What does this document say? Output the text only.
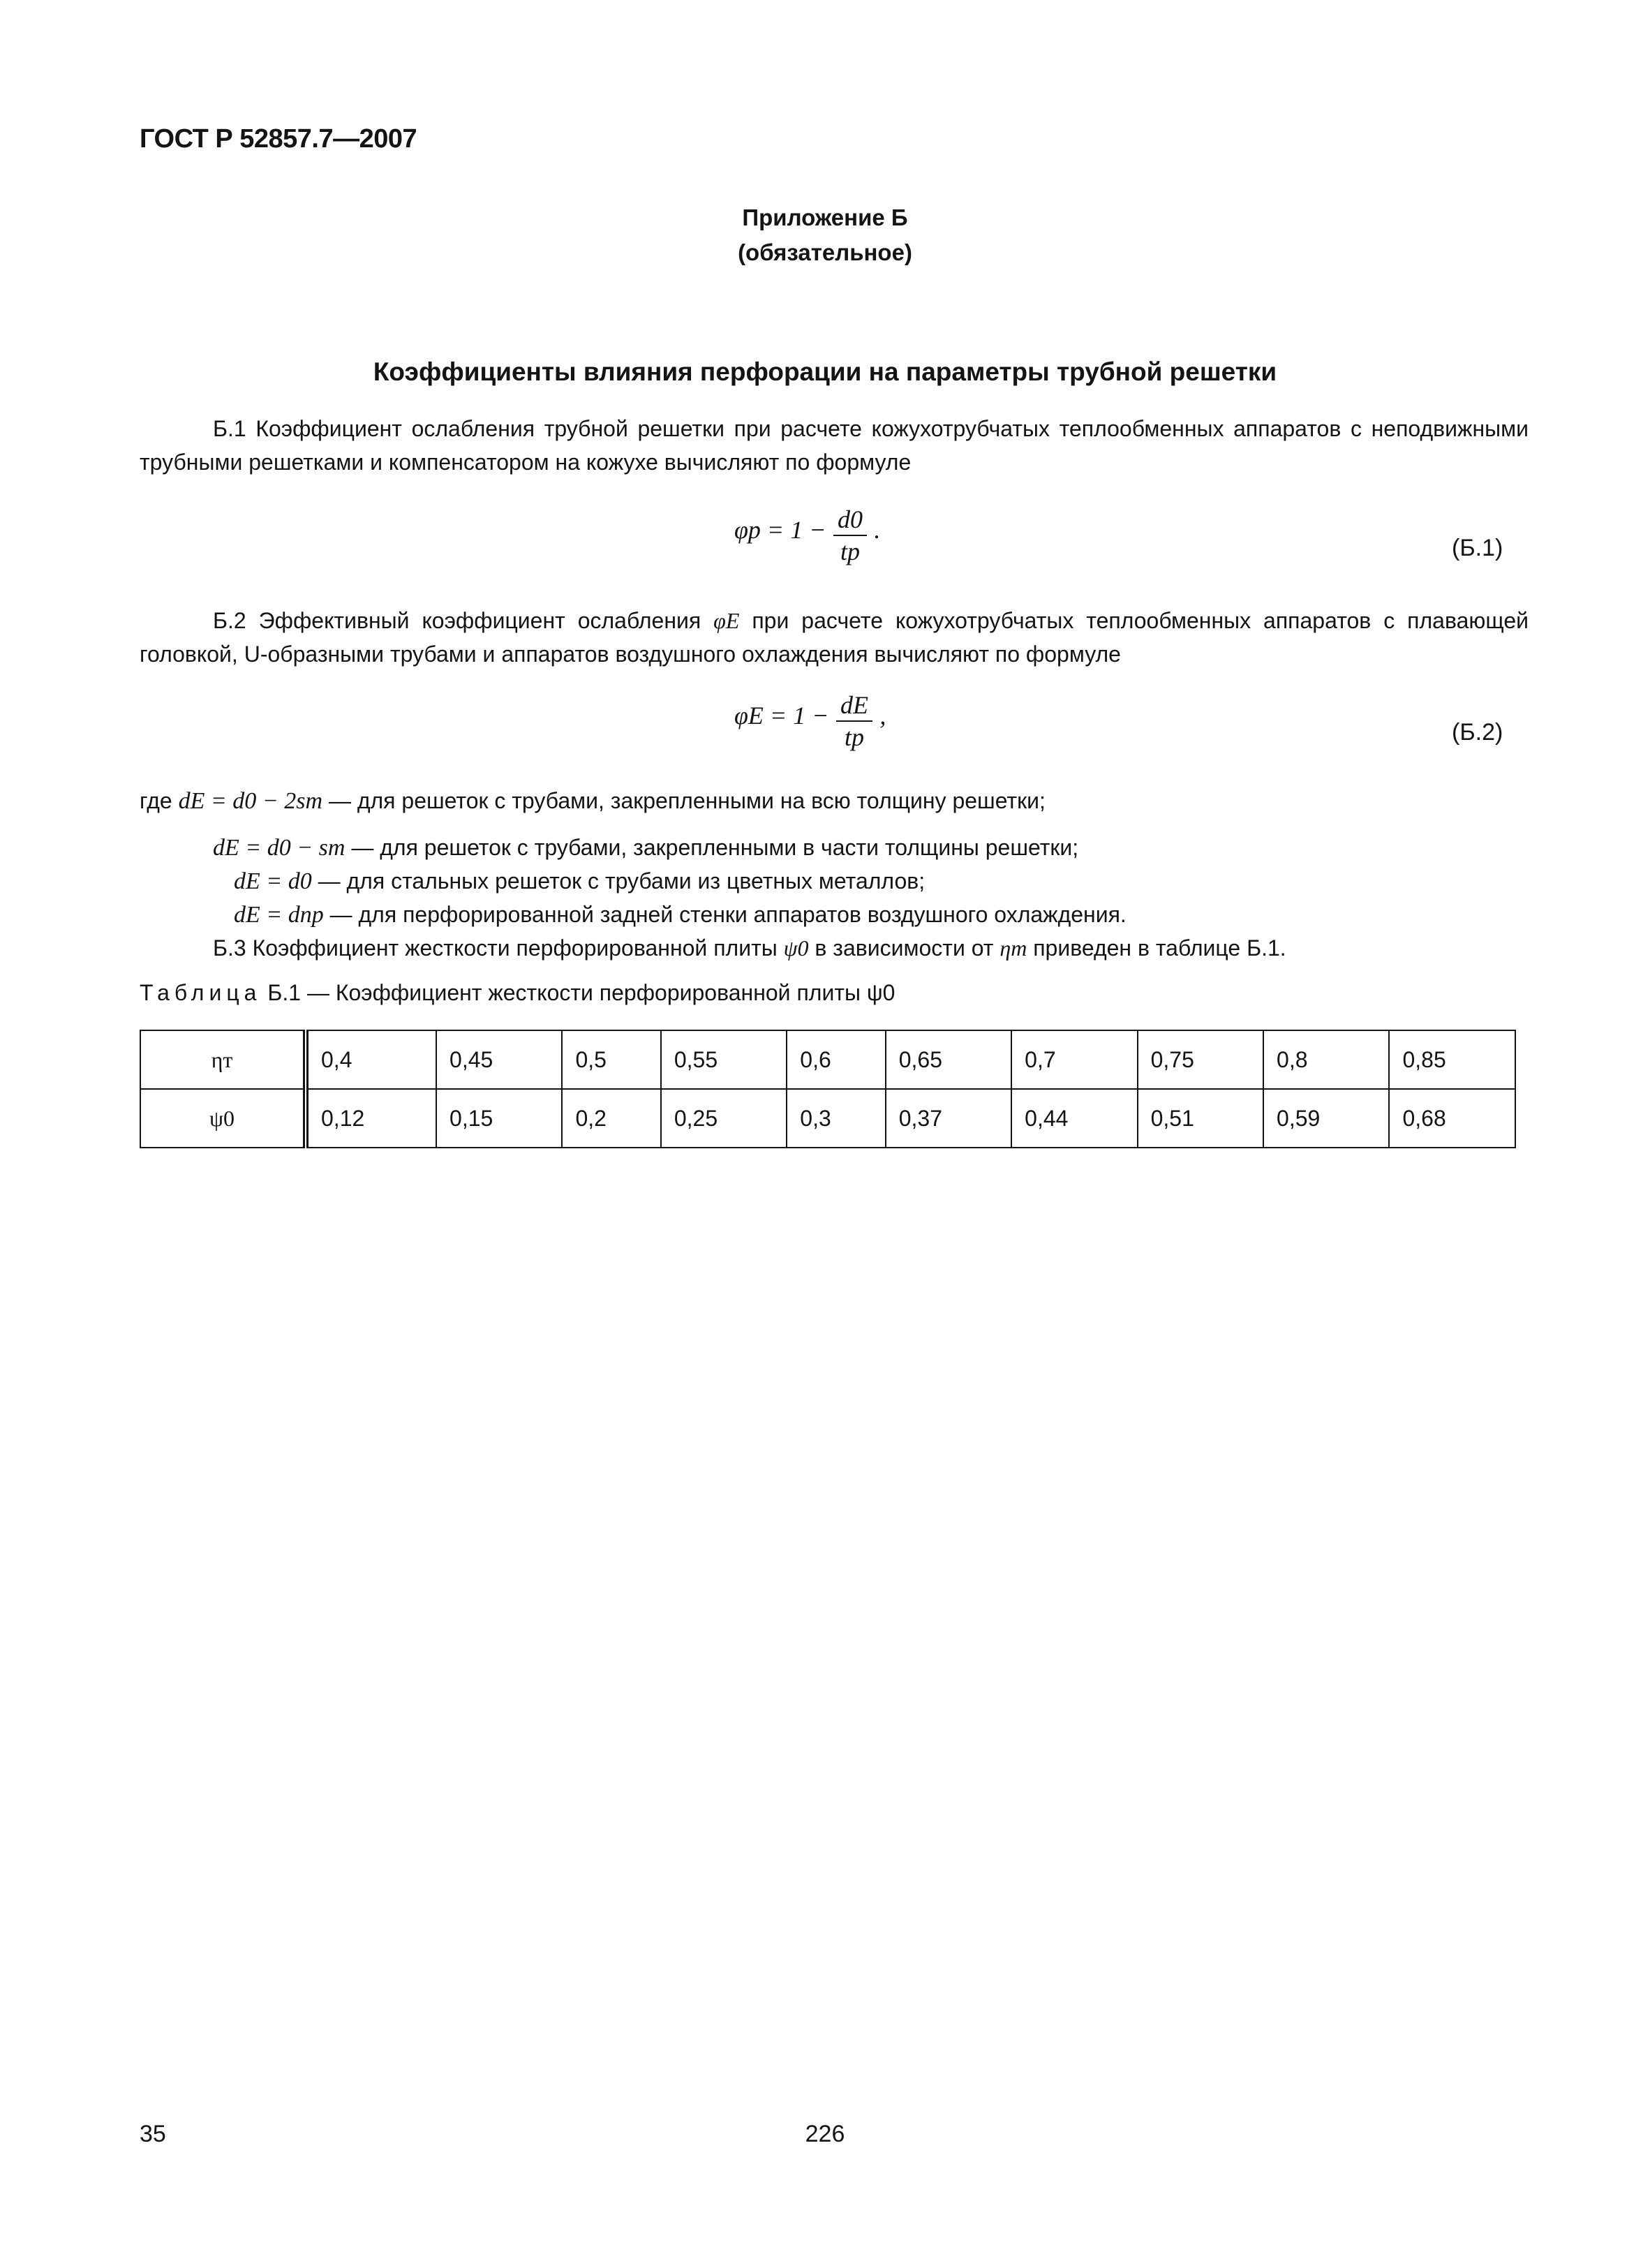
ГОСТ Р 52857.7—2007
Приложение Б
(обязательное)
Коэффициенты влияния перфорации на параметры трубной решетки
Б.1 Коэффициент ослабления трубной решетки при расчете кожухотрубчатых теплообменных аппаратов с неподвижными трубными решетками и компенсатором на кожухе вычисляют по формуле
$\varphi р = 1 - \frac{d0}{tр}$ .
(Б.1)
Б.2 Эффективный коэффициент ослабления φE при расчете кожухотрубчатых теплообменных аппаратов с плавающей головкой, U-образными трубами и аппаратов воздушного охлаждения вычисляют по формуле
$\varphi E = 1 - \frac{dE}{tр}$ ,
(Б.2)
где dE = d0 − 2sт — для решеток с трубами, закрепленными на всю толщину решетки;
dE = d0 − sт — для решеток с трубами, закрепленными в части толщины решетки;
dE = d0 — для стальных решеток с трубами из цветных металлов;
dE = dпр — для перфорированной задней стенки аппаратов воздушного охлаждения.
Б.3 Коэффициент жесткости перфорированной плиты ψ0 в зависимости от ηт приведен в таблице Б.1.
Таблица Б.1 — Коэффициент жесткости перфорированной плиты ψ0
ηт	0,4	0,45	0,5	0,55	0,6	0,65	0,7	0,75	0,8	0,85
ψ0	0,12	0,15	0,2	0,25	0,3	0,37	0,44	0,51	0,59	0,68
35	226
